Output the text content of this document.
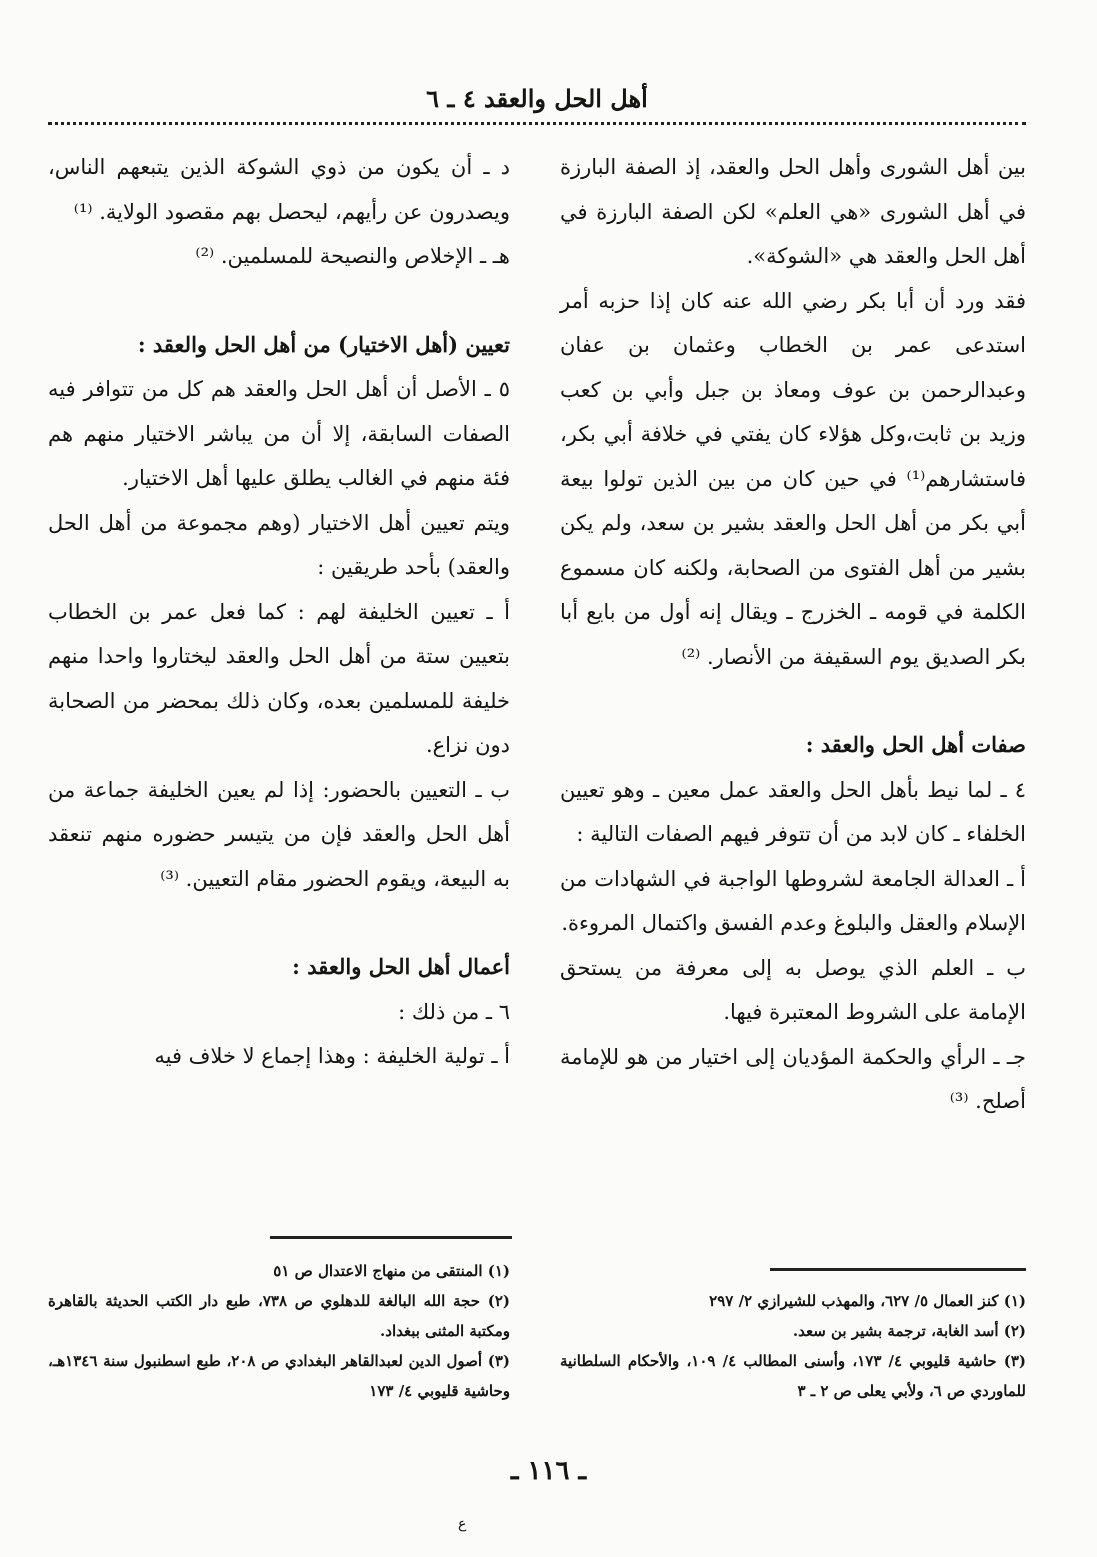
أهل الحل والعقد ٤ ـ ٦

بين أهل الشورى وأهل الحل والعقد، إذ الصفة البارزة في أهل الشورى «هي العلم» لكن الصفة البارزة في أهل الحل والعقد هي «الشوكة».

فقد ورد أن أبا بكر رضي الله عنه كان إذا حزبه أمر استدعى عمر بن الخطاب وعثمان بن عفان وعبدالرحمن بن عوف ومعاذ بن جبل وأبي بن كعب وزيد بن ثابت،وكل هؤلاء كان يفتي في خلافة أبي بكر، فاستشارهم⁽¹⁾ في حين كان من بين الذين تولوا بيعة أبي بكر من أهل الحل والعقد بشير بن سعد، ولم يكن بشير من أهل الفتوى من الصحابة، ولكنه كان مسموع الكلمة في قومه ـ الخزرج ـ ويقال إنه أول من بايع أبا بكر الصديق يوم السقيفة من الأنصار. ⁽²⁾

صفات أهل الحل والعقد :

٤ ـ لما نيط بأهل الحل والعقد عمل معين ـ وهو تعيين الخلفاء ـ كان لابد من أن تتوفر فيهم الصفات التالية :

أ ـ العدالة الجامعة لشروطها الواجبة في الشهادات من الإسلام والعقل والبلوغ وعدم الفسق واكتمال المروءة.

ب ـ العلم الذي يوصل به إلى معرفة من يستحق الإمامة على الشروط المعتبرة فيها.

جـ ـ الرأي والحكمة المؤديان إلى اختيار من هو للإمامة أصلح. ⁽³⁾

د ـ أن يكون من ذوي الشوكة الذين يتبعهم الناس، ويصدرون عن رأيهم، ليحصل بهم مقصود الولاية. ⁽¹⁾

هـ ـ الإخلاص والنصيحة للمسلمين. ⁽²⁾

تعيين (أهل الاختيار) من أهل الحل والعقد :

٥ ـ الأصل أن أهل الحل والعقد هم كل من تتوافر فيه الصفات السابقة، إلا أن من يباشر الاختيار منهم هم فئة منهم في الغالب يطلق عليها أهل الاختيار.

ويتم تعيين أهل الاختيار (وهم مجموعة من أهل الحل والعقد) بأحد طريقين :

أ ـ تعيين الخليفة لهم : كما فعل عمر بن الخطاب بتعيين ستة من أهل الحل والعقد ليختاروا واحدا منهم خليفة للمسلمين بعده، وكان ذلك بمحضر من الصحابة دون نزاع.

ب ـ التعيين بالحضور: إذا لم يعين الخليفة جماعة من أهل الحل والعقد فإن من يتيسر حضوره منهم تنعقد به البيعة، ويقوم الحضور مقام التعيين. ⁽³⁾

أعمال أهل الحل والعقد :

٦ ـ من ذلك :

أ ـ تولية الخليفة : وهذا إجماع لا خلاف فيه

(١) كنز العمال ٥/ ٦٢٧، والمهذب للشيرازي ٢/ ٢٩٧

(٢) أسد الغابة، ترجمة بشير بن سعد.

(٣) حاشية قليوبي ٤/ ١٧٣، وأسنى المطالب ٤/ ١٠٩، والأحكام السلطانية للماوردي ص ٦، ولأبي يعلى ص ٢ ـ ٣

(١) المنتقى من منهاج الاعتدال ص ٥١

(٢) حجة الله البالغة للدهلوي ص ٧٣٨، طبع دار الكتب الحديثة بالقاهرة ومكتبة المثنى ببغداد.

(٣) أصول الدين لعبدالقاهر البغدادي ص ٢٠٨، طبع اسطنبول سنة ١٣٤٦هـ، وحاشية قليوبي ٤/ ١٧٣

ـ ١١٦ ـ
ع
